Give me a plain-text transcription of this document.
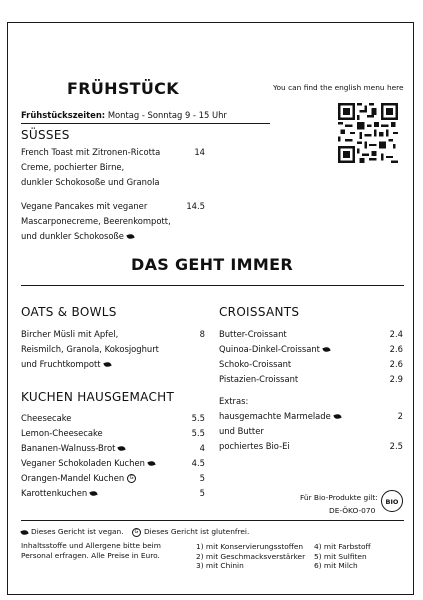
FRÜHSTÜCK	You can find the english menu here
Frühstückszeiten: Montag - Sonntag 9 - 15 Uhr
SÜSSES
French Toast mit Zitronen-Ricotta
Creme, pochierter Birne,
dunkler Schokosoße und Granola
14
Vegane Pancakes mit veganer
Mascarponecreme, Beerenkompott,
und dunkler Schokosoße
14.5
DAS GEHT IMMER
OATS & BOWLS
Bircher Müsli mit Apfel,
Reismilch, Granola, Kokosjoghurt
und Fruchtkompott
8
KUCHEN HAUSGEMACHT
Cheesecake
Lemon-Cheesecake
Bananen-Walnuss-Brot
Veganer Schokoladen Kuchen
Orangen-Mandel Kuchen G
Karottenkuchen
5.5
5.5
4
4.5
5
5
CROISSANTS
Butter-Croissant
Quinoa-Dinkel-Croissant
Schoko-Croissant
Pistazien-Croissant
2.4
2.6
2.6
2.9
Extras:
hausgemachte Marmelade
und Butter
pochiertes Bio-Ei
2
2.5
Für Bio-Produkte gilt:
DE-ÖKO-070
BIO
Dieses Gericht ist vegan. G Dieses Gericht ist glutenfrei.
Inhaltsstoffe und Allergene bitte beim
Personal erfragen. Alle Preise in Euro.
1) mit Konservierungsstoffen
2) mit Geschmacksverstärker
3) mit Chinin
4) mit Farbstoff
5) mit Sulfiten
6) mit Milch
